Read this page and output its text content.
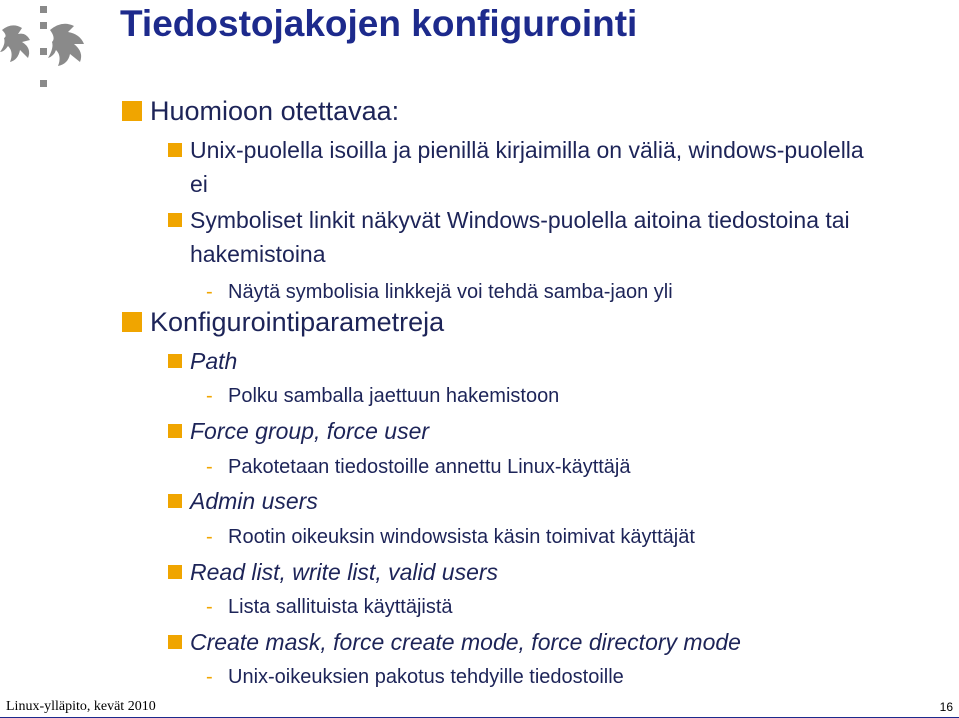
Tiedostojakojen konfigurointi
Huomioon otettavaa:
Unix-puolella isoilla ja pienillä kirjaimilla on väliä, windows-puolella
ei
Symboliset linkit näkyvät Windows-puolella aitoina tiedostoina tai
hakemistoina
- Näytä symbolisia linkkejä voi tehdä samba-jaon yli
Konfigurointiparametreja
Path
- Polku samballa jaettuun hakemistoon
Force group, force user
- Pakotetaan tiedostoille annettu Linux-käyttäjä
Admin users
- Rootin oikeuksin windowsista käsin toimivat käyttäjät
Read list, write list, valid users
- Lista sallituista käyttäjistä
Create mask, force create mode, force directory mode
- Unix-oikeuksien pakotus tehdyille tiedostoille
Linux-ylläpito, kevät 2010	16
